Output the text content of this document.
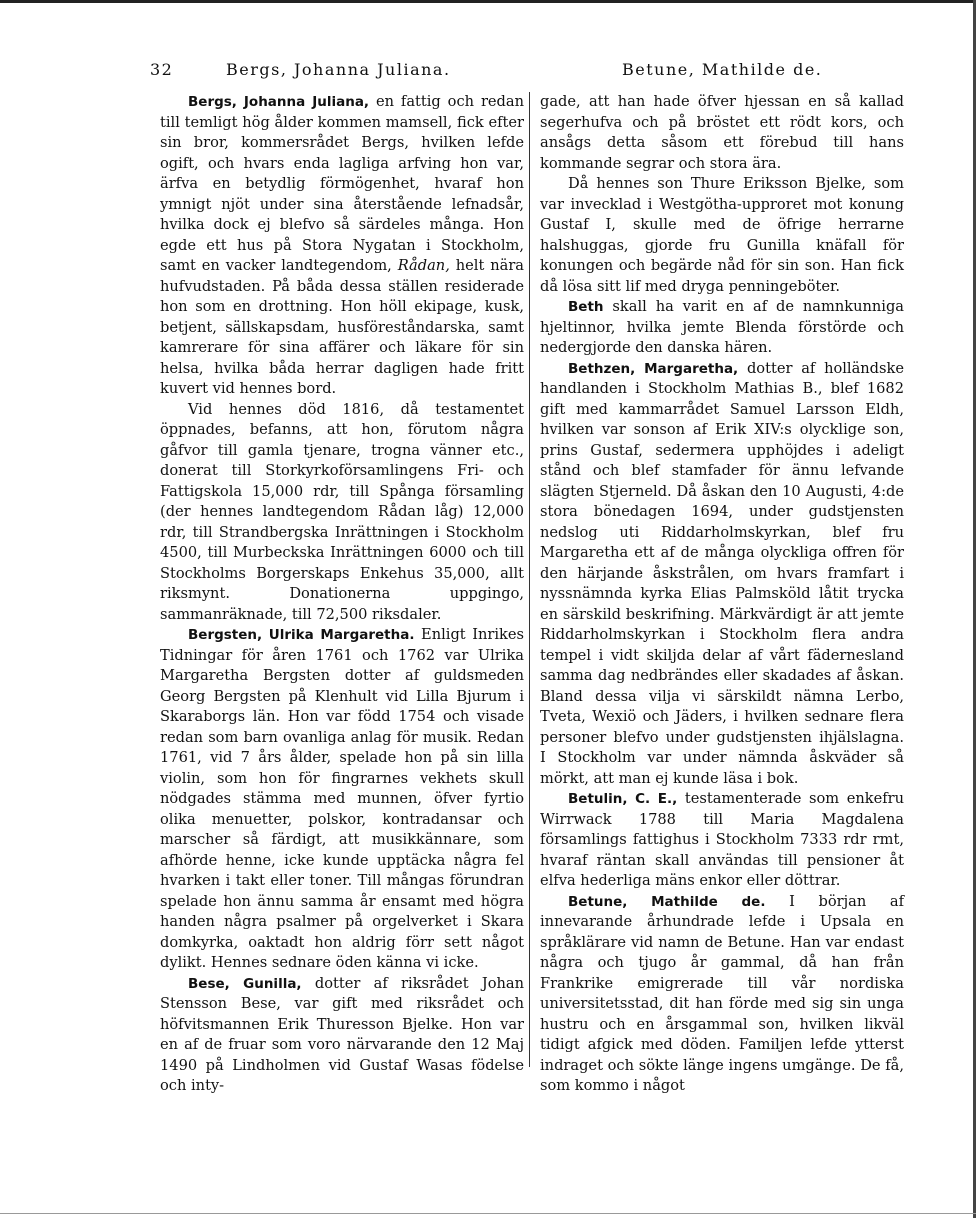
32	Bergs, Johanna Juliana.	Betune, Mathilde de.

Bergs, Johanna Juliana, en fattig och redan till temligt hög ålder kommen mamsell, fick efter sin bror, kommersrådet Bergs, hvilken lefde ogift, och hvars enda lagliga arfving hon var, ärfva en betydlig förmögenhet, hvaraf hon ymnigt njöt under sina återstående lefnadsår, hvilka dock ej blefvo så särdeles många. Hon egde ett hus på Stora Nygatan i Stockholm, samt en vacker landtegendom, Rådan, helt nära hufvudstaden. På båda dessa ställen residerade hon som en drottning. Hon höll ekipage, kusk, betjent, sällskapsdam, husföreståndarska, samt kamrerare för sina affärer och läkare för sin helsa, hvilka båda herrar dagligen hade fritt kuvert vid hennes bord.

Vid hennes död 1816, då testamentet öppnades, befanns, att hon, förutom några gåfvor till gamla tjenare, trogna vänner etc., donerat till Storkyrkoförsamlingens Fri- och Fattigskola 15,000 rdr, till Spånga församling (der hennes landtegendom Rådan låg) 12,000 rdr, till Strandbergska Inrättningen i Stockholm 4500, till Murbeckska Inrättningen 6000 och till Stockholms Borgerskaps Enkehus 35,000, allt riksmynt. Donationerna uppgingo, sammanräknade, till 72,500 riksdaler.

Bergsten, Ulrika Margaretha. Enligt Inrikes Tidningar för åren 1761 och 1762 var Ulrika Margaretha Bergsten dotter af guldsmeden Georg Bergsten på Klenhult vid Lilla Bjurum i Skaraborgs län. Hon var född 1754 och visade redan som barn ovanliga anlag för musik. Redan 1761, vid 7 års ålder, spelade hon på sin lilla violin, som hon för fingrarnes vekhets skull nödgades stämma med munnen, öfver fyrtio olika menuetter, polskor, kontradansar och marscher så färdigt, att musikkännare, som afhörde henne, icke kunde upptäcka några fel hvarken i takt eller toner. Till mångas förundran spelade hon ännu samma år ensamt med högra handen några psalmer på orgelverket i Skara domkyrka, oaktadt hon aldrig förr sett något dylikt. Hennes sednare öden känna vi icke.

Bese, Gunilla, dotter af riksrådet Johan Stensson Bese, var gift med riksrådet och höfvitsmannen Erik Thuresson Bjelke. Hon var en af de fruar som voro närvarande den 12 Maj 1490 på Lindholmen vid Gustaf Wasas födelse och inty-

gade, att han hade öfver hjessan en så kallad segerhufva och på bröstet ett rödt kors, och ansågs detta såsom ett förebud till hans kommande segrar och stora ära.

Då hennes son Thure Eriksson Bjelke, som var invecklad i Westgötha-upproret mot konung Gustaf I, skulle med de öfrige herrarne halshuggas, gjorde fru Gunilla knäfall för konungen och begärde nåd för sin son. Han fick då lösa sitt lif med dryga penningeböter.

Beth skall ha varit en af de namnkunniga hjeltinnor, hvilka jemte Blenda förstörde och nedergjorde den danska hären.

Bethzen, Margaretha, dotter af holländske handlanden i Stockholm Mathias B., blef 1682 gift med kammarrådet Samuel Larsson Eldh, hvilken var sonson af Erik XIV:s olycklige son, prins Gustaf, sedermera upphöjdes i adeligt stånd och blef stamfader för ännu lefvande slägten Stjerneld. Då åskan den 10 Augusti, 4:de stora bönedagen 1694, under gudstjensten nedslog uti Riddarholmskyrkan, blef fru Margaretha ett af de många olyckliga offren för den härjande åskstrålen, om hvars framfart i nyssnämnda kyrka Elias Palmsköld låtit trycka en särskild beskrifning. Märkvärdigt är att jemte Riddarholmskyrkan i Stockholm flera andra tempel i vidt skiljda delar af vårt fädernesland samma dag nedbrändes eller skadades af åskan. Bland dessa vilja vi särskildt nämna Lerbo, Tveta, Wexiö och Jäders, i hvilken sednare flera personer blefvo under gudstjensten ihjälslagna. I Stockholm var under nämnda åskväder så mörkt, att man ej kunde läsa i bok.

Betulin, C. E., testamenterade som enkefru Wirrwack 1788 till Maria Magdalena församlings fattighus i Stockholm 7333 rdr rmt, hvaraf räntan skall användas till pensioner åt elfva hederliga mäns enkor eller döttrar.

Betune, Mathilde de. I början af innevarande århundrade lefde i Upsala en språklärare vid namn de Betune. Han var endast några och tjugo år gammal, då han från Frankrike emigrerade till vår nordiska universitetsstad, dit han förde med sig sin unga hustru och en årsgammal son, hvilken likväl tidigt afgick med döden. Familjen lefde ytterst indraget och sökte länge ingens umgänge. De få, som kommo i något
